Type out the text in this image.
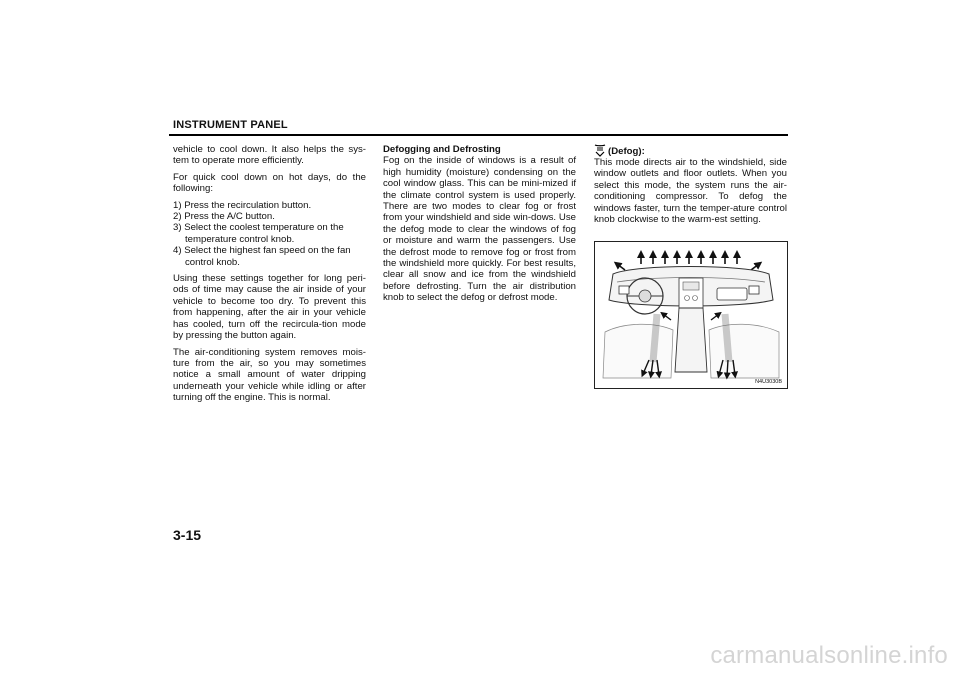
INSTRUMENT PANEL

vehicle to cool down. It also helps the sys-tem to operate more efficiently.

For quick cool down on hot days, do the following:

1) Press the recirculation button.
2) Press the A/C button.
3) Select the coolest temperature on the temperature control knob.
4) Select the highest fan speed on the fan control knob.

Using these settings together for long peri-ods of time may cause the air inside of your vehicle to become too dry. To prevent this from happening, after the air in your vehicle has cooled, turn off the recircula-tion mode by pressing the button again.

The air-conditioning system removes mois-ture from the air, so you may sometimes notice a small amount of water dripping underneath your vehicle while idling or after turning off the engine. This is normal.

Defogging and Defrosting

Fog on the inside of windows is a result of high humidity (moisture) condensing on the cool window glass. This can be mini-mized if the climate control system is used properly. There are two modes to clear fog or frost from your windshield and side win-dows. Use the defog mode to clear the windows of fog or moisture and warm the passengers. Use the defrost mode to remove fog or frost from the windshield more quickly. For best results, clear all snow and ice from the windshield before defrosting. Turn the air distribution knob to select the defog or defrost mode.

(Defog):

This mode directs air to the windshield, side window outlets and floor outlets. When you select this mode, the system runs the air-conditioning compressor. To defog the windows faster, turn the temper-ature control knob clockwise to the warm-est setting.

N4U3030B
3-15
carmanualsonline.info
